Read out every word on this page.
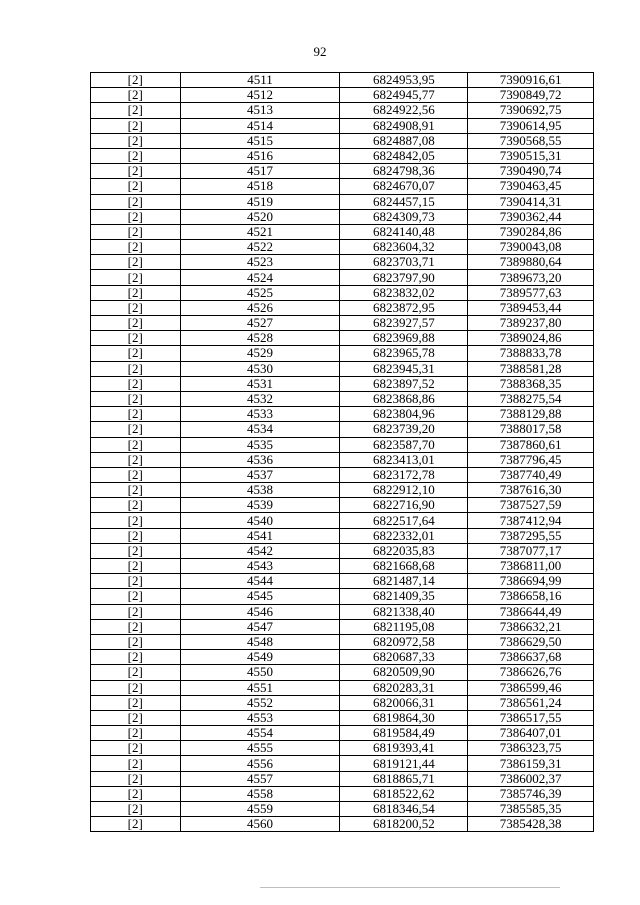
92
[2]	4511	6824953,95	7390916,61
[2]	4512	6824945,77	7390849,72
[2]	4513	6824922,56	7390692,75
[2]	4514	6824908,91	7390614,95
[2]	4515	6824887,08	7390568,55
[2]	4516	6824842,05	7390515,31
[2]	4517	6824798,36	7390490,74
[2]	4518	6824670,07	7390463,45
[2]	4519	6824457,15	7390414,31
[2]	4520	6824309,73	7390362,44
[2]	4521	6824140,48	7390284,86
[2]	4522	6823604,32	7390043,08
[2]	4523	6823703,71	7389880,64
[2]	4524	6823797,90	7389673,20
[2]	4525	6823832,02	7389577,63
[2]	4526	6823872,95	7389453,44
[2]	4527	6823927,57	7389237,80
[2]	4528	6823969,88	7389024,86
[2]	4529	6823965,78	7388833,78
[2]	4530	6823945,31	7388581,28
[2]	4531	6823897,52	7388368,35
[2]	4532	6823868,86	7388275,54
[2]	4533	6823804,96	7388129,88
[2]	4534	6823739,20	7388017,58
[2]	4535	6823587,70	7387860,61
[2]	4536	6823413,01	7387796,45
[2]	4537	6823172,78	7387740,49
[2]	4538	6822912,10	7387616,30
[2]	4539	6822716,90	7387527,59
[2]	4540	6822517,64	7387412,94
[2]	4541	6822332,01	7387295,55
[2]	4542	6822035,83	7387077,17
[2]	4543	6821668,68	7386811,00
[2]	4544	6821487,14	7386694,99
[2]	4545	6821409,35	7386658,16
[2]	4546	6821338,40	7386644,49
[2]	4547	6821195,08	7386632,21
[2]	4548	6820972,58	7386629,50
[2]	4549	6820687,33	7386637,68
[2]	4550	6820509,90	7386626,76
[2]	4551	6820283,31	7386599,46
[2]	4552	6820066,31	7386561,24
[2]	4553	6819864,30	7386517,55
[2]	4554	6819584,49	7386407,01
[2]	4555	6819393,41	7386323,75
[2]	4556	6819121,44	7386159,31
[2]	4557	6818865,71	7386002,37
[2]	4558	6818522,62	7385746,39
[2]	4559	6818346,54	7385585,35
[2]	4560	6818200,52	7385428,38
